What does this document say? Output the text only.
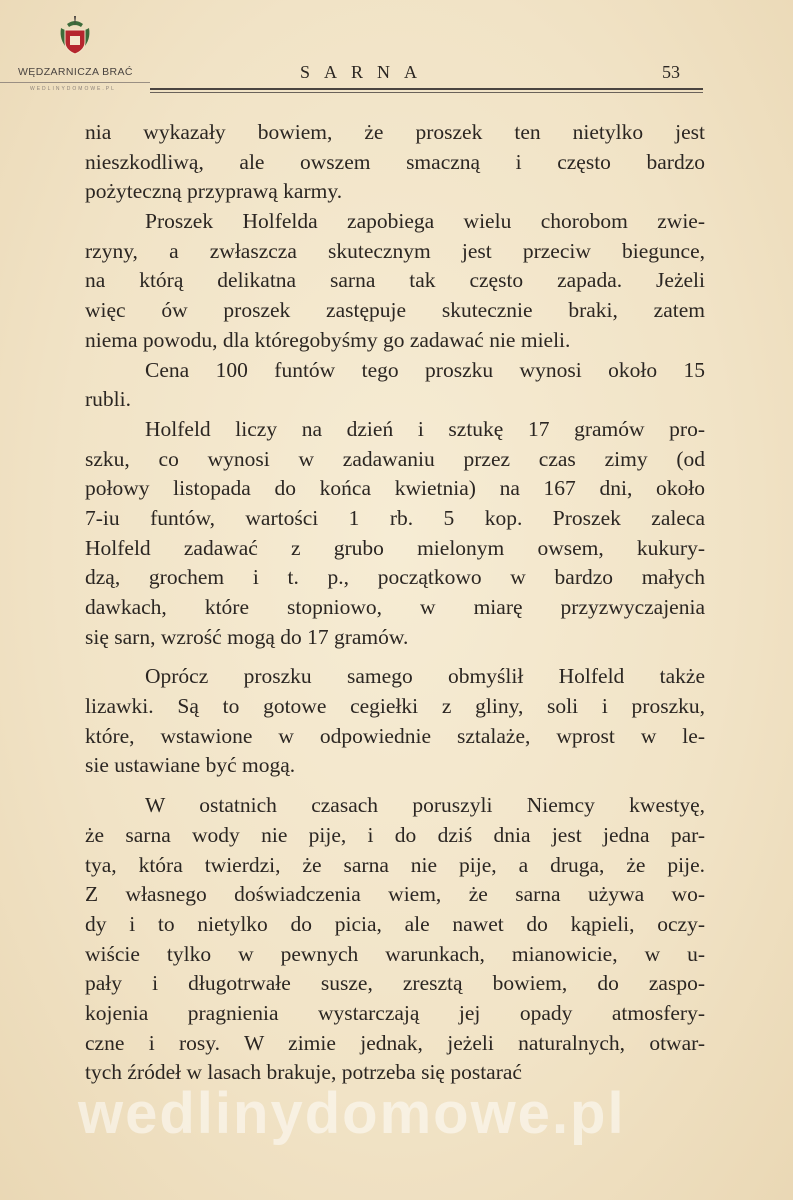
WĘDZARNICZA BRAĆ
WEDLINYDOMOWE.PL
SARNA	53
nia wykazały bowiem, że proszek ten nietylko jest
nieszkodliwą, ale owszem smaczną i często bardzo
pożyteczną przyprawą karmy.
Proszek Holfelda zapobiega wielu chorobom zwie-
rzyny, a zwłaszcza skutecznym jest przeciw biegunce,
na którą delikatna sarna tak często zapada. Jeżeli
więc ów proszek zastępuje skutecznie braki, zatem
niema powodu, dla któregobyśmy go zadawać nie mieli.
Cena 100 funtów tego proszku wynosi około 15
rubli.
Holfeld liczy na dzień i sztukę 17 gramów pro-
szku, co wynosi w zadawaniu przez czas zimy (od
połowy listopada do końca kwietnia) na 167 dni, około
7-iu funtów, wartości 1 rb. 5 kop. Proszek zaleca
Holfeld zadawać z grubo mielonym owsem, kukury-
dzą, grochem i t. p., początkowo w bardzo małych
dawkach, które stopniowo, w miarę przyzwyczajenia
się sarn, wzrość mogą do 17 gramów.
Oprócz proszku samego obmyślił Holfeld także
lizawki. Są to gotowe cegiełki z gliny, soli i proszku,
które, wstawione w odpowiednie sztalaże, wprost w le-
sie ustawiane być mogą.
W ostatnich czasach poruszyli Niemcy kwestyę,
że sarna wody nie pije, i do dziś dnia jest jedna par-
tya, która twierdzi, że sarna nie pije, a druga, że pije.
Z własnego doświadczenia wiem, że sarna używa wo-
dy i to nietylko do picia, ale nawet do kąpieli, oczy-
wiście tylko w pewnych warunkach, mianowicie, w u-
pały i długotrwałe susze, zresztą bowiem, do zaspo-
kojenia pragnienia wystarczają jej opady atmosfery-
czne i rosy. W zimie jednak, jeżeli naturalnych, otwar-
tych źródeł w lasach brakuje, potrzeba się postarać
wedlinydomowe.pl
